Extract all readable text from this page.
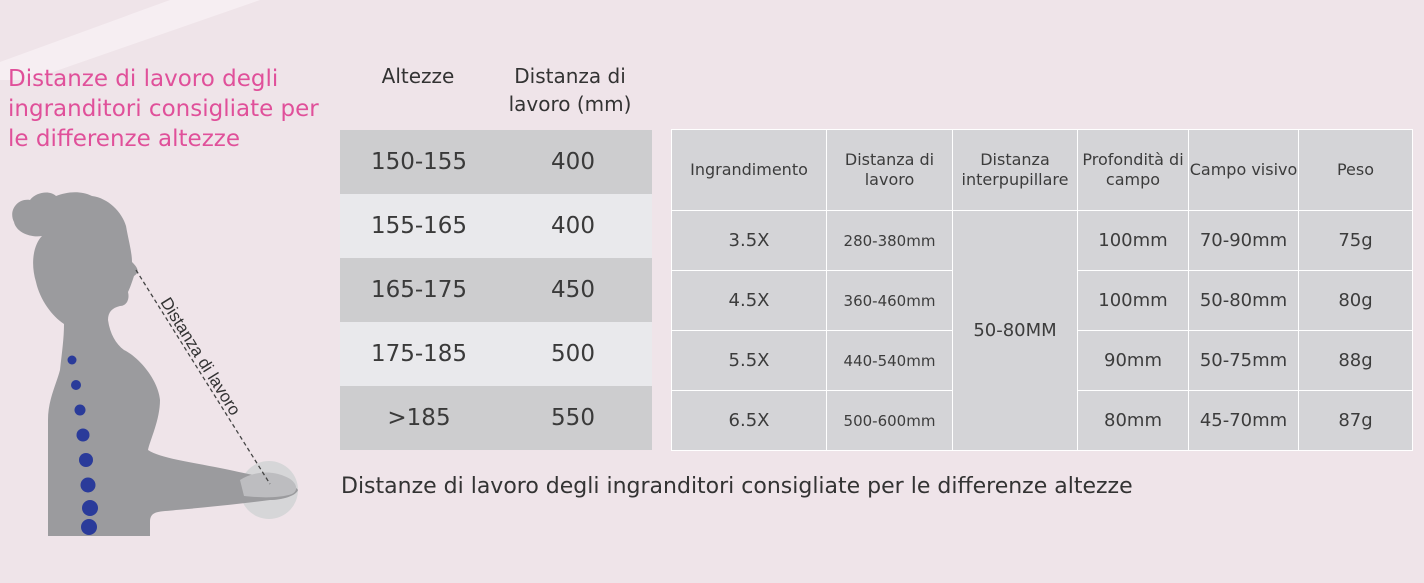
Distanze di lavoro degli ingranditori consigliate per le differenze altezze
Distanza di lavoro
Altezze	Distanza di lavoro (mm)
150-155	400
155-165	400
165-175	450
175-185	500
>185	550
Ingrandimento	Distanza di lavoro	Distanza interpupillare	Profondità di campo	Campo visivo	Peso
3.5X	280-380mm	50-80MM	100mm	70-90mm	75g
4.5X	360-460mm		100mm	50-80mm	80g
5.5X	440-540mm		90mm	50-75mm	88g
6.5X	500-600mm		80mm	45-70mm	87g

Distanze di lavoro degli ingranditori consigliate per le differenze altezze
